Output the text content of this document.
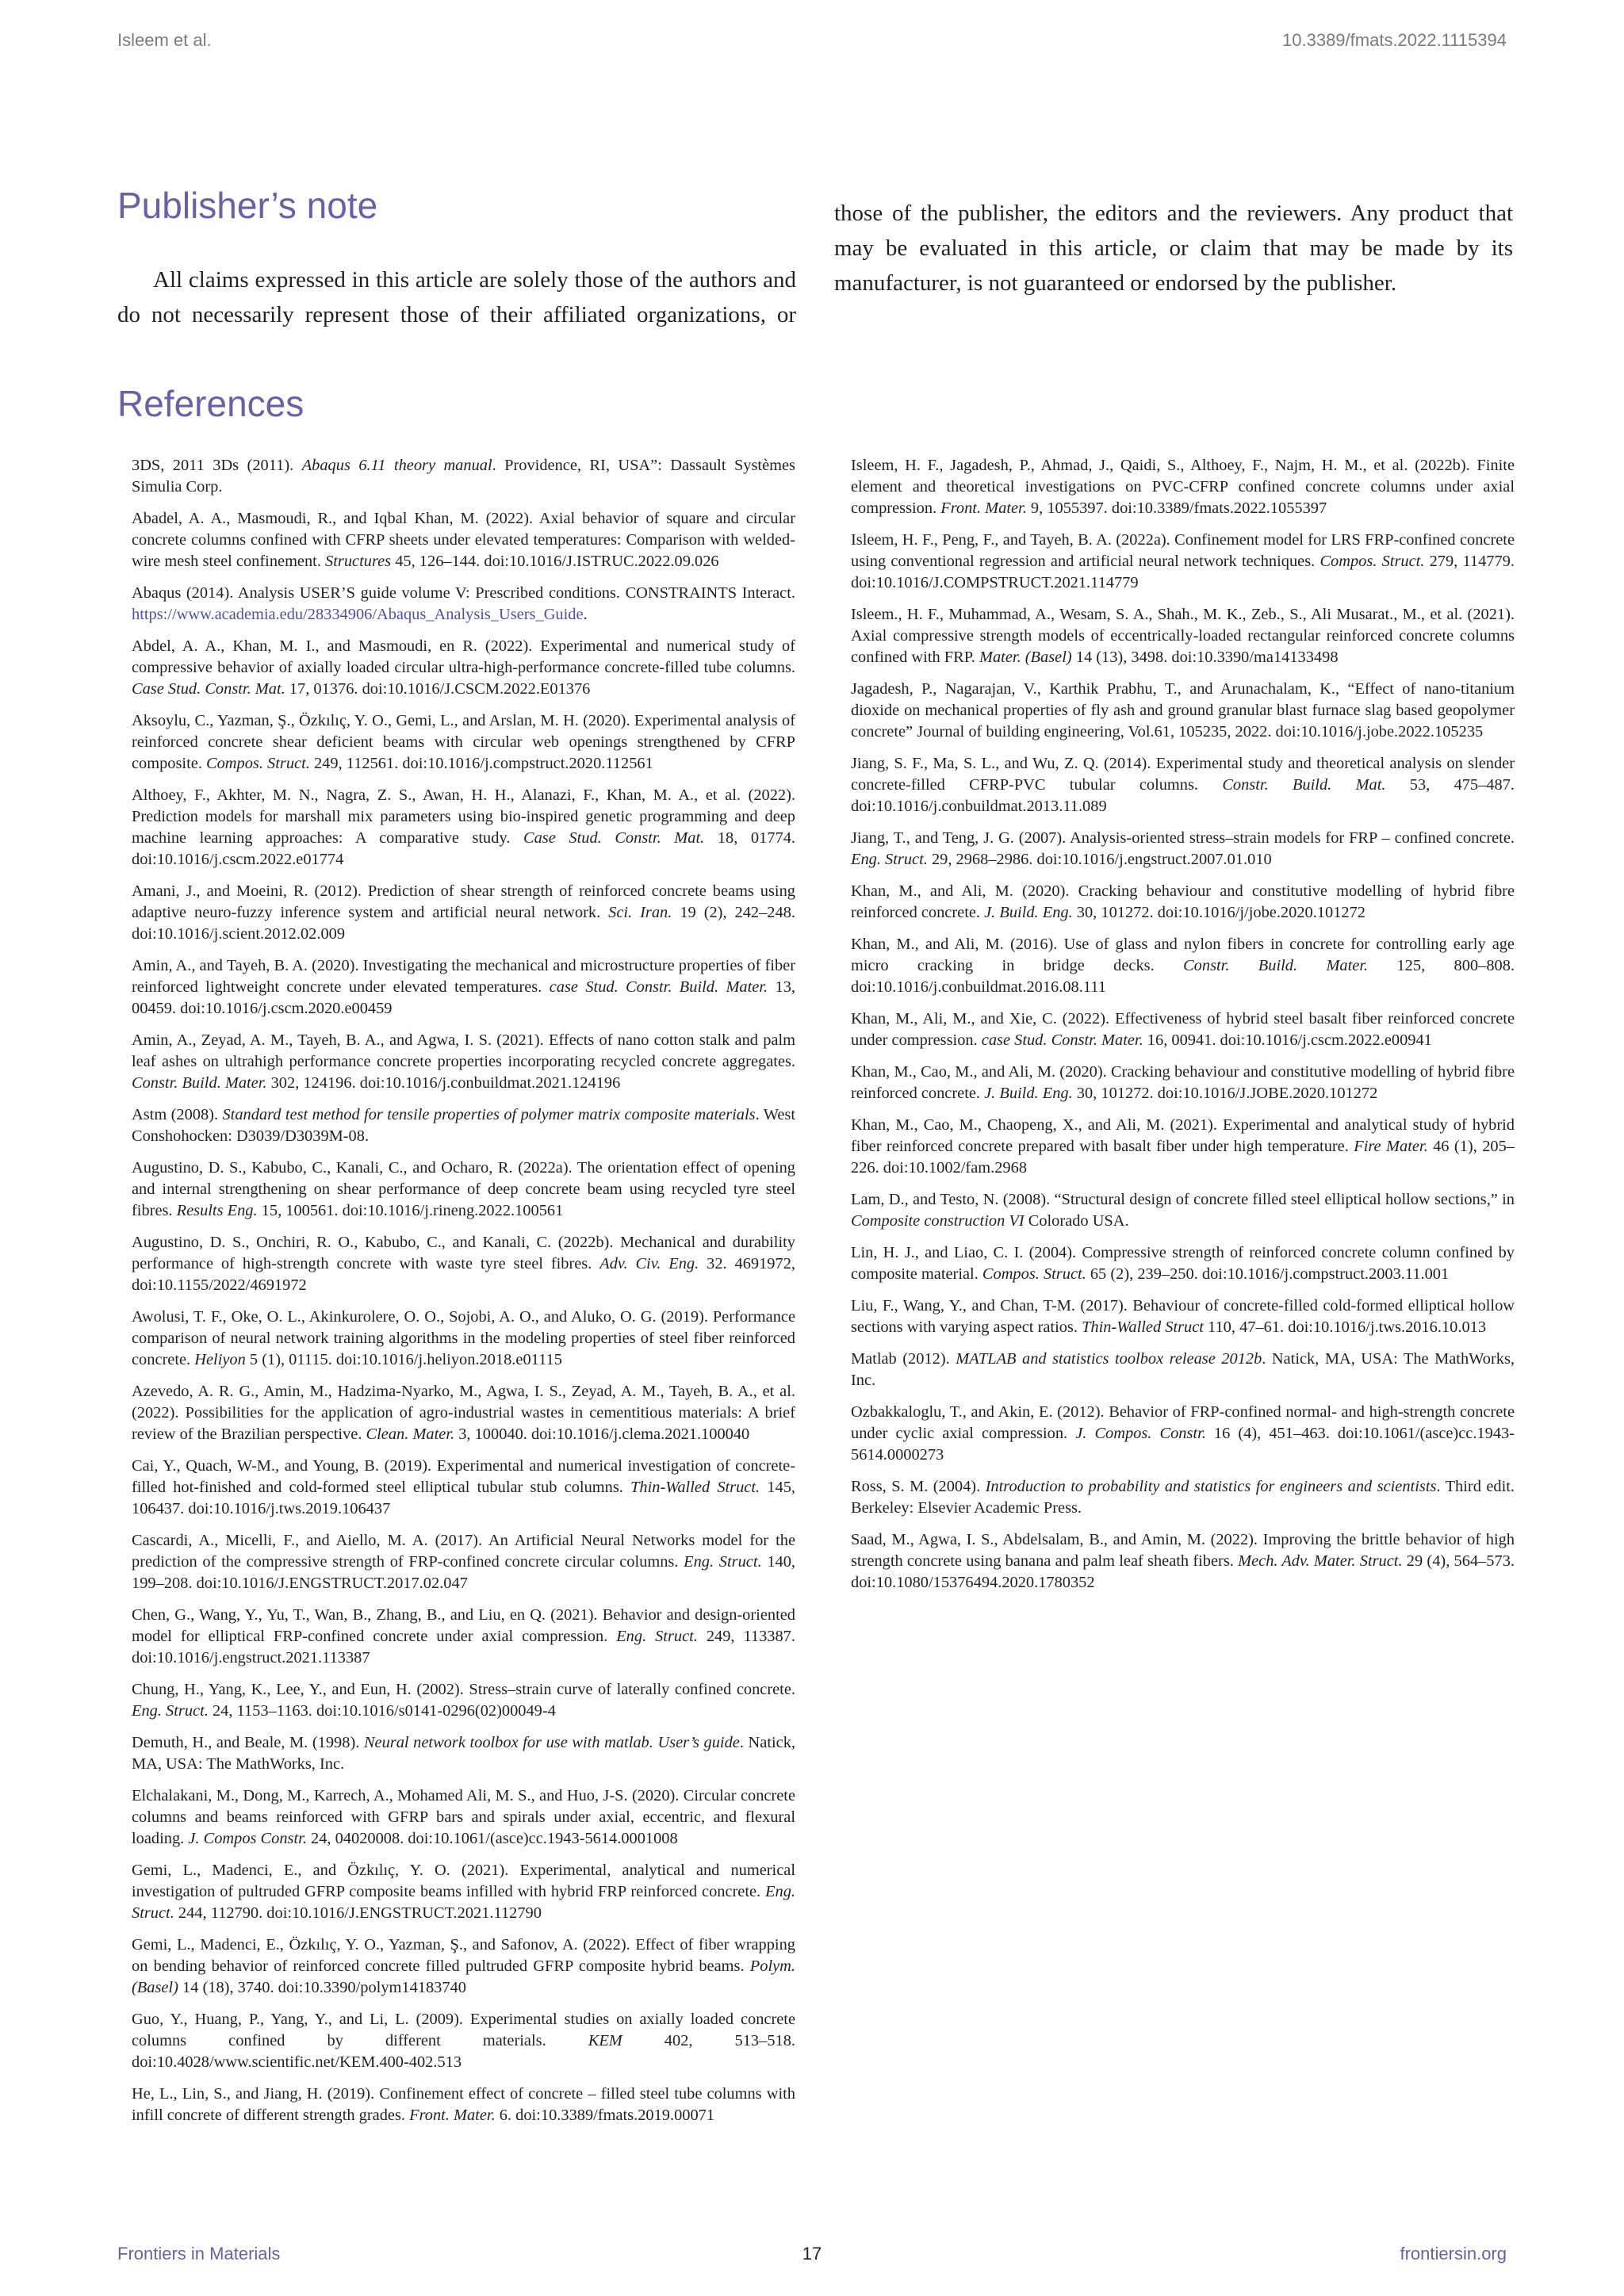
Isleem et al.	10.3389/fmats.2022.1115394
Publisher’s note

All claims expressed in this article are solely those of the authors and do not necessarily represent those of their affiliated organizations, or those of the publisher, the editors and the reviewers. Any product that may be evaluated in this article, or claim that may be made by its manufacturer, is not guaranteed or endorsed by the publisher.

References

3DS, 2011 3Ds (2011). Abaqus 6.11 theory manual. Providence, RI, USA”: Dassault Systèmes Simulia Corp.

Abadel, A. A., Masmoudi, R., and Iqbal Khan, M. (2022). Axial behavior of square and circular concrete columns confined with CFRP sheets under elevated temperatures: Comparison with welded-wire mesh steel confinement. Structures 45, 126–144. doi:10.1016/J.ISTRUC.2022.09.026

Abaqus (2014). Analysis USER’S guide volume V: Prescribed conditions. CONSTRAINTS Interact. https://www.academia.edu/28334906/Abaqus_Analysis_Users_Guide.

Abdel, A. A., Khan, M. I., and Masmoudi, en R. (2022). Experimental and numerical study of compressive behavior of axially loaded circular ultra-high-performance concrete-filled tube columns. Case Stud. Constr. Mat. 17, 01376. doi:10.1016/J.CSCM.2022.E01376

Aksoylu, C., Yazman, Ş., Özkılıç, Y. O., Gemi, L., and Arslan, M. H. (2020). Experimental analysis of reinforced concrete shear deficient beams with circular web openings strengthened by CFRP composite. Compos. Struct. 249, 112561. doi:10.1016/j.compstruct.2020.112561

Althoey, F., Akhter, M. N., Nagra, Z. S., Awan, H. H., Alanazi, F., Khan, M. A., et al. (2022). Prediction models for marshall mix parameters using bio-inspired genetic programming and deep machine learning approaches: A comparative study. Case Stud. Constr. Mat. 18, 01774. doi:10.1016/j.cscm.2022.e01774

Amani, J., and Moeini, R. (2012). Prediction of shear strength of reinforced concrete beams using adaptive neuro-fuzzy inference system and artificial neural network. Sci. Iran. 19 (2), 242–248. doi:10.1016/j.scient.2012.02.009

Amin, A., and Tayeh, B. A. (2020). Investigating the mechanical and microstructure properties of fiber reinforced lightweight concrete under elevated temperatures. case Stud. Constr. Build. Mater. 13, 00459. doi:10.1016/j.cscm.2020.e00459

Amin, A., Zeyad, A. M., Tayeh, B. A., and Agwa, I. S. (2021). Effects of nano cotton stalk and palm leaf ashes on ultrahigh performance concrete properties incorporating recycled concrete aggregates. Constr. Build. Mater. 302, 124196. doi:10.1016/j.conbuildmat.2021.124196

Astm (2008). Standard test method for tensile properties of polymer matrix composite materials. West Conshohocken: D3039/D3039M-08.

Augustino, D. S., Kabubo, C., Kanali, C., and Ocharo, R. (2022a). The orientation effect of opening and internal strengthening on shear performance of deep concrete beam using recycled tyre steel fibres. Results Eng. 15, 100561. doi:10.1016/j.rineng.2022.100561

Augustino, D. S., Onchiri, R. O., Kabubo, C., and Kanali, C. (2022b). Mechanical and durability performance of high-strength concrete with waste tyre steel fibres. Adv. Civ. Eng. 32. 4691972, doi:10.1155/2022/4691972

Awolusi, T. F., Oke, O. L., Akinkurolere, O. O., Sojobi, A. O., and Aluko, O. G. (2019). Performance comparison of neural network training algorithms in the modeling properties of steel fiber reinforced concrete. Heliyon 5 (1), 01115. doi:10.1016/j.heliyon.2018.e01115

Azevedo, A. R. G., Amin, M., Hadzima-Nyarko, M., Agwa, I. S., Zeyad, A. M., Tayeh, B. A., et al. (2022). Possibilities for the application of agro-industrial wastes in cementitious materials: A brief review of the Brazilian perspective. Clean. Mater. 3, 100040. doi:10.1016/j.clema.2021.100040

Cai, Y., Quach, W-M., and Young, B. (2019). Experimental and numerical investigation of concrete-filled hot-finished and cold-formed steel elliptical tubular stub columns. Thin-Walled Struct. 145, 106437. doi:10.1016/j.tws.2019.106437

Cascardi, A., Micelli, F., and Aiello, M. A. (2017). An Artificial Neural Networks model for the prediction of the compressive strength of FRP-confined concrete circular columns. Eng. Struct. 140, 199–208. doi:10.1016/J.ENGSTRUCT.2017.02.047

Chen, G., Wang, Y., Yu, T., Wan, B., Zhang, B., and Liu, en Q. (2021). Behavior and design-oriented model for elliptical FRP-confined concrete under axial compression. Eng. Struct. 249, 113387. doi:10.1016/j.engstruct.2021.113387

Chung, H., Yang, K., Lee, Y., and Eun, H. (2002). Stress–strain curve of laterally confined concrete. Eng. Struct. 24, 1153–1163. doi:10.1016/s0141-0296(02)00049-4

Demuth, H., and Beale, M. (1998). Neural network toolbox for use with matlab. User’s guide. Natick, MA, USA: The MathWorks, Inc.

Elchalakani, M., Dong, M., Karrech, A., Mohamed Ali, M. S., and Huo, J-S. (2020). Circular concrete columns and beams reinforced with GFRP bars and spirals under axial, eccentric, and flexural loading. J. Compos Constr. 24, 04020008. doi:10.1061/(asce)cc.1943-5614.0001008

Gemi, L., Madenci, E., and Özkılıç, Y. O. (2021). Experimental, analytical and numerical investigation of pultruded GFRP composite beams infilled with hybrid FRP reinforced concrete. Eng. Struct. 244, 112790. doi:10.1016/J.ENGSTRUCT.2021.112790

Gemi, L., Madenci, E., Özkılıç, Y. O., Yazman, Ş., and Safonov, A. (2022). Effect of fiber wrapping on bending behavior of reinforced concrete filled pultruded GFRP composite hybrid beams. Polym. (Basel) 14 (18), 3740. doi:10.3390/polym14183740

Guo, Y., Huang, P., Yang, Y., and Li, L. (2009). Experimental studies on axially loaded concrete columns confined by different materials. KEM 402, 513–518. doi:10.4028/www.scientific.net/KEM.400-402.513

He, L., Lin, S., and Jiang, H. (2019). Confinement effect of concrete – filled steel tube columns with infill concrete of different strength grades. Front. Mater. 6. doi:10.3389/fmats.2019.00071

Isleem, H. F., Jagadesh, P., Ahmad, J., Qaidi, S., Althoey, F., Najm, H. M., et al. (2022b). Finite element and theoretical investigations on PVC-CFRP confined concrete columns under axial compression. Front. Mater. 9, 1055397. doi:10.3389/fmats.2022.1055397

Isleem, H. F., Peng, F., and Tayeh, B. A. (2022a). Confinement model for LRS FRP-confined concrete using conventional regression and artificial neural network techniques. Compos. Struct. 279, 114779. doi:10.1016/J.COMPSTRUCT.2021.114779

Isleem., H. F., Muhammad, A., Wesam, S. A., Shah., M. K., Zeb., S., Ali Musarat., M., et al. (2021). Axial compressive strength models of eccentrically-loaded rectangular reinforced concrete columns confined with FRP. Mater. (Basel) 14 (13), 3498. doi:10.3390/ma14133498

Jagadesh, P., Nagarajan, V., Karthik Prabhu, T., and Arunachalam, K., “Effect of nano-titanium dioxide on mechanical properties of fly ash and ground granular blast furnace slag based geopolymer concrete” Journal of building engineering, Vol.61, 105235, 2022. doi:10.1016/j.jobe.2022.105235

Jiang, S. F., Ma, S. L., and Wu, Z. Q. (2014). Experimental study and theoretical analysis on slender concrete-filled CFRP-PVC tubular columns. Constr. Build. Mat. 53, 475–487. doi:10.1016/j.conbuildmat.2013.11.089

Jiang, T., and Teng, J. G. (2007). Analysis-oriented stress–strain models for FRP – confined concrete. Eng. Struct. 29, 2968–2986. doi:10.1016/j.engstruct.2007.01.010

Khan, M., and Ali, M. (2020). Cracking behaviour and constitutive modelling of hybrid fibre reinforced concrete. J. Build. Eng. 30, 101272. doi:10.1016/j/jobe.2020.101272

Khan, M., and Ali, M. (2016). Use of glass and nylon fibers in concrete for controlling early age micro cracking in bridge decks. Constr. Build. Mater. 125, 800–808. doi:10.1016/j.conbuildmat.2016.08.111

Khan, M., Ali, M., and Xie, C. (2022). Effectiveness of hybrid steel basalt fiber reinforced concrete under compression. case Stud. Constr. Mater. 16, 00941. doi:10.1016/j.cscm.2022.e00941

Khan, M., Cao, M., and Ali, M. (2020). Cracking behaviour and constitutive modelling of hybrid fibre reinforced concrete. J. Build. Eng. 30, 101272. doi:10.1016/J.JOBE.2020.101272

Khan, M., Cao, M., Chaopeng, X., and Ali, M. (2021). Experimental and analytical study of hybrid fiber reinforced concrete prepared with basalt fiber under high temperature. Fire Mater. 46 (1), 205–226. doi:10.1002/fam.2968

Lam, D., and Testo, N. (2008). “Structural design of concrete filled steel elliptical hollow sections,” in Composite construction VI Colorado USA.

Lin, H. J., and Liao, C. I. (2004). Compressive strength of reinforced concrete column confined by composite material. Compos. Struct. 65 (2), 239–250. doi:10.1016/j.compstruct.2003.11.001

Liu, F., Wang, Y., and Chan, T-M. (2017). Behaviour of concrete-filled cold-formed elliptical hollow sections with varying aspect ratios. Thin-Walled Struct 110, 47–61. doi:10.1016/j.tws.2016.10.013

Matlab (2012). MATLAB and statistics toolbox release 2012b. Natick, MA, USA: The MathWorks, Inc.

Ozbakkaloglu, T., and Akin, E. (2012). Behavior of FRP-confined normal- and high-strength concrete under cyclic axial compression. J. Compos. Constr. 16 (4), 451–463. doi:10.1061/(asce)cc.1943-5614.0000273

Ross, S. M. (2004). Introduction to probability and statistics for engineers and scientists. Third edit. Berkeley: Elsevier Academic Press.

Saad, M., Agwa, I. S., Abdelsalam, B., and Amin, M. (2022). Improving the brittle behavior of high strength concrete using banana and palm leaf sheath fibers. Mech. Adv. Mater. Struct. 29 (4), 564–573. doi:10.1080/15376494.2020.1780352

Frontiers in Materials	17	frontiersin.org
